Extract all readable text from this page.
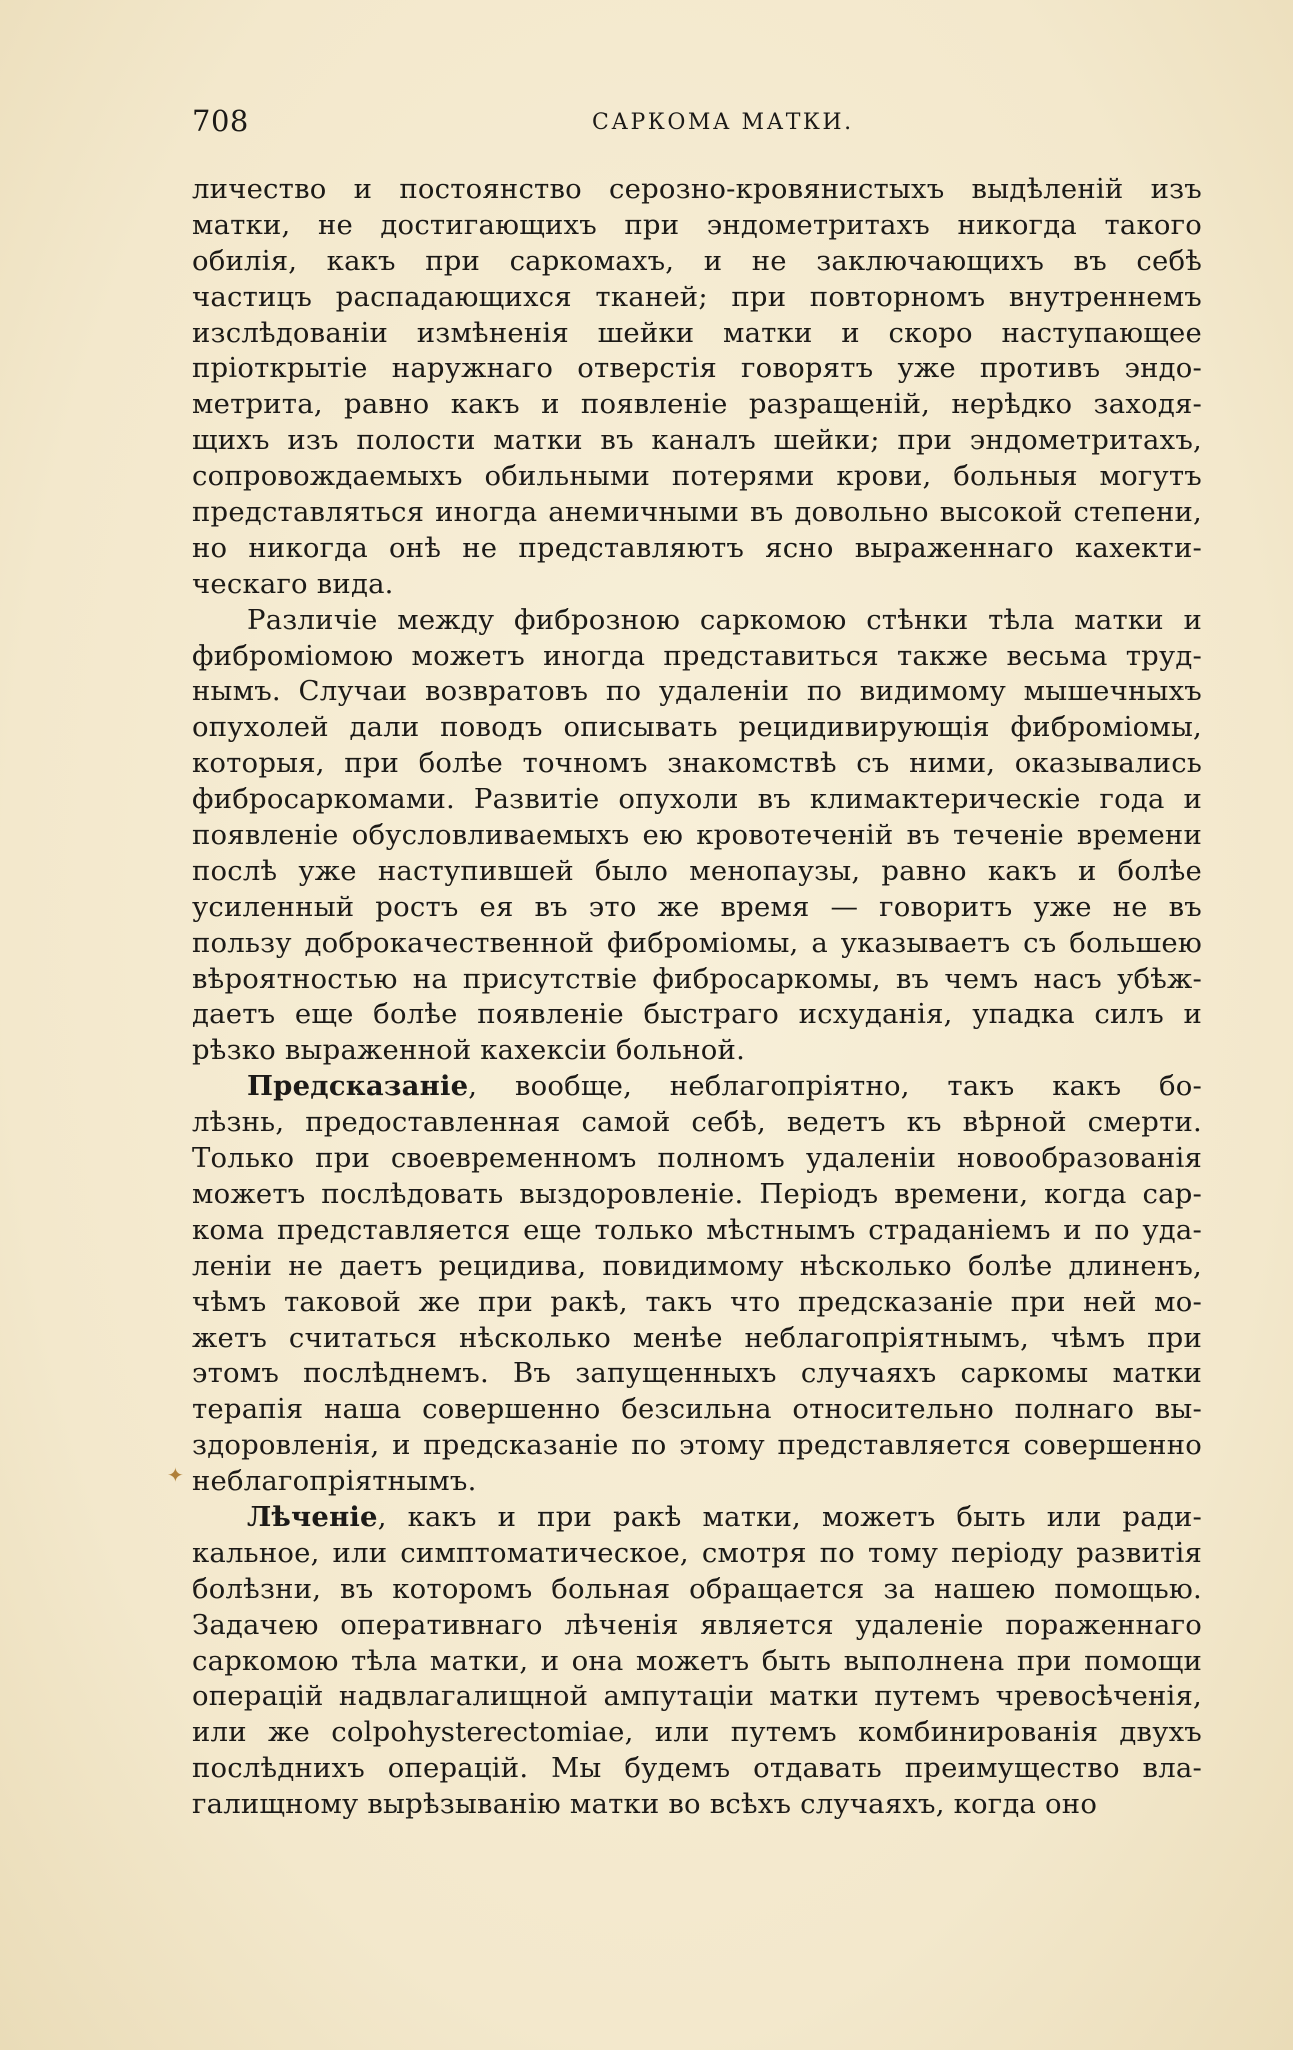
708	САРКОМА МАТКИ.
✦
личество и постоянство серозно-кровянистыхъ выдѣленій изъ
матки, не достигающихъ при эндометритахъ никогда такого
обилія, какъ при саркомахъ, и не заключающихъ въ себѣ
частицъ распадающихся тканей; при повторномъ внутреннемъ
изслѣдованіи измѣненія шейки матки и скоро наступающее
пріоткрытіе наружнаго отверстія говорятъ уже противъ эндо-
метрита, равно какъ и появленіе разращеній, нерѣдко заходя-
щихъ изъ полости матки въ каналъ шейки; при эндометритахъ,
сопровождаемыхъ обильными потерями крови, больныя могутъ
представляться иногда анемичными въ довольно высокой степени,
но никогда онѣ не представляютъ ясно выраженнаго кахекти-
ческаго вида.
Различіе между фиброзною саркомою стѣнки тѣла матки и
фиброміомою можетъ иногда представиться также весьма труд-
нымъ. Случаи возвратовъ по удаленіи по видимому мышечныхъ
опухолей дали поводъ описывать рецидивирующія фиброміомы,
которыя, при болѣе точномъ знакомствѣ съ ними, оказывались
фибросаркомами. Развитіе опухоли въ климактерическіе года и
появленіе обусловливаемыхъ ею кровотеченій въ теченіе времени
послѣ уже наступившей было менопаузы, равно какъ и болѣе
усиленный ростъ ея въ это же время — говоритъ уже не въ
пользу доброкачественной фиброміомы, а указываетъ съ большею
вѣроятностью на присутствіе фибросаркомы, въ чемъ насъ убѣж-
даетъ еще болѣе появленіе быстраго исхуданія, упадка силъ и
рѣзко выраженной кахексіи больной.
Предсказаніе, вообще, неблагопріятно, такъ какъ бо-
лѣзнь, предоставленная самой себѣ, ведетъ къ вѣрной смерти.
Только при своевременномъ полномъ удаленіи новообразованія
можетъ послѣдовать выздоровленіе. Періодъ времени, когда сар-
кома представляется еще только мѣстнымъ страданіемъ и по уда-
леніи не даетъ рецидива, повидимому нѣсколько болѣе длиненъ,
чѣмъ таковой же при ракѣ, такъ что предсказаніе при ней мо-
жетъ считаться нѣсколько менѣе неблагопріятнымъ, чѣмъ при
этомъ послѣднемъ. Въ запущенныхъ случаяхъ саркомы матки
терапія наша совершенно безсильна относительно полнаго вы-
здоровленія, и предсказаніе по этому представляется совершенно
неблагопріятнымъ.
Лѣченіе, какъ и при ракѣ матки, можетъ быть или ради-
кальное, или симптоматическое, смотря по тому періоду развитія
болѣзни, въ которомъ больная обращается за нашею помощью.
Задачею оперативнаго лѣченія является удаленіе пораженнаго
саркомою тѣла матки, и она можетъ быть выполнена при помощи
операцій надвлагалищной ампутаціи матки путемъ чревосѣченія,
или же colpohysterectomiae, или путемъ комбинированія двухъ
послѣднихъ операцій. Мы будемъ отдавать преимущество вла-
галищному вырѣзыванію матки во всѣхъ случаяхъ, когда оно
